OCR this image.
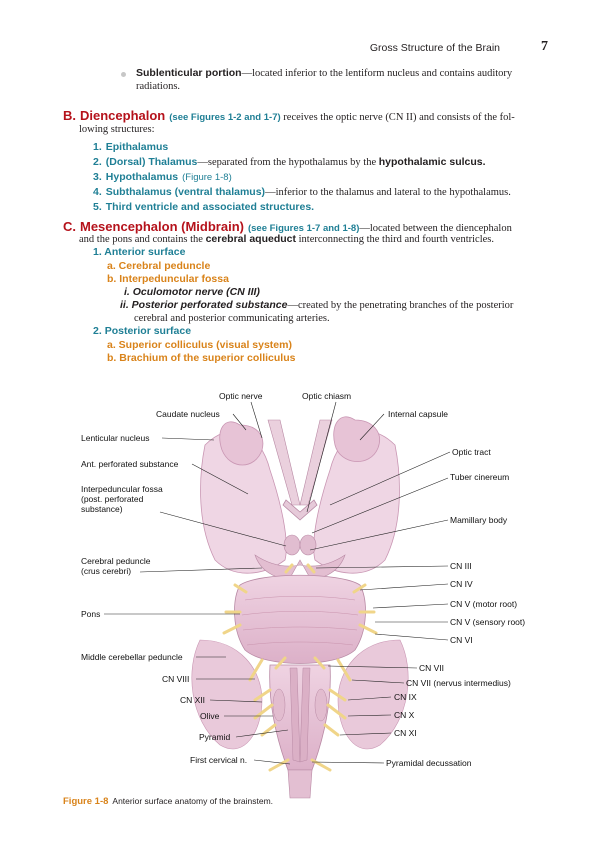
Gross Structure of the Brain	7
Sublenticular portion—located inferior to the lentiform nucleus and contains auditory
radiations.
B. Diencephalon (see Figures 1-2 and 1-7) receives the optic nerve (CN II) and consists of the fol-
lowing structures:
1. Epithalamus
2. (Dorsal) Thalamus—separated from the hypothalamus by the hypothalamic sulcus.
3. Hypothalamus (Figure 1-8)
4. Subthalamus (ventral thalamus)—inferior to the thalamus and lateral to the hypothalamus.
5. Third ventricle and associated structures.
C. Mesencephalon (Midbrain) (see Figures 1-7 and 1-8)—located between the diencephalon
and the pons and contains the cerebral aqueduct interconnecting the third and fourth ventricles.
1. Anterior surface
a. Cerebral peduncle
b. Interpeduncular fossa
i. Oculomotor nerve (CN III)
ii. Posterior perforated substance—created by the penetrating branches of the posterior
cerebral and posterior communicating arteries.
2. Posterior surface
a. Superior colliculus (visual system)
b. Brachium of the superior colliculus
Optic nerve	Optic chiasm
Caudate nucleus
Lenticular nucleus
Ant. perforated substance
Interpeduncular fossa
(post. perforated
substance)
Cerebral peduncle
(crus cerebri)
Pons
Middle cerebellar peduncle
CN VIII
CN XII
Olive
Pyramid
First cervical n.
Internal capsule
Optic tract
Tuber cinereum
Mamillary body
CN III
CN IV
CN V (motor root)
CN V (sensory root)
CN VI
CN VII
CN VII (nervus intermedius)
CN IX
CN X
CN XI
Pyramidal decussation
Figure 1-8 Anterior surface anatomy of the brainstem.
